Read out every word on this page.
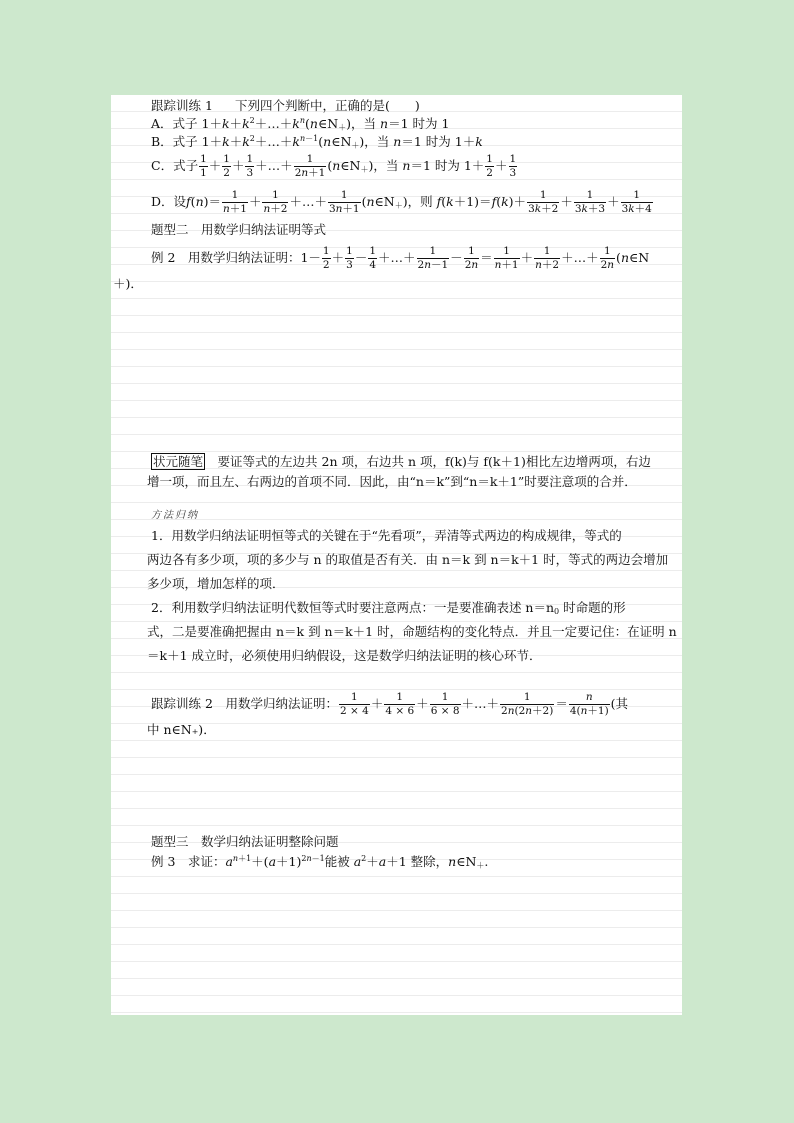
跟踪训练 1 下列四个判断中，正确的是(　　)
A．式子 $1+k+k^2+\dots+k^n(n\in N_+)$，当 n＝1 时为 1
B．式子 $1+k+k^2+\dots+k^{n-1}(n\in N_+)$，当 n＝1 时为 1＋k
C．式子 $\frac{1}{1} + \frac{1}{2} + \frac{1}{3}$ ＋…＋ $\frac{1}{2n+1}$ $(n\in N_+)$，当 n＝1 时为 $1+ \frac{1}{2} + \frac{1}{3}$
D．设$f(n)= \frac{1}{n+1} + \frac{1}{n+2}$ ＋…＋ $\frac{1}{3n+1}$ $(n\in N_+)$，则 $f(k+1)=f(k)+ \frac{1}{3k+2} + \frac{1}{3k+3} + \frac{1}{3k+4}$
题型二　用数学归纳法证明等式
例 2　 用数学归纳法证明：$1- \frac{1}{2} + \frac{1}{3} - \frac{1}{4}$ ＋…＋ $\frac{1}{2n-1} - \frac{1}{2n} = \frac{1}{n+1} + \frac{1}{n+2}$ ＋…＋ $\frac{1}{2n}$ (n∈N
＋)．
状元随笔　 要证等式的左边共 2n 项，右边共 n 项，f(k)与 f(k＋1)相比左边增两项，右边
增一项，而且左、右两边的首项不同．因此，由“n＝k”到“n＝k＋1”时要注意项的合并．
方法归纳
1．用数学归纳法证明恒等式的关键在于“先看项”，弄清等式两边的构成规律，等式的
两边各有多少项，项的多少与 n 的取值是否有关．由 n＝k 到 n＝k＋1 时，等式的两边会增加
多少项，增加怎样的项．
2．利用数学归纳法证明代数恒等式时要注意两点：一是要准确表述 $n=n_0$ 时命题的形
式，二是要准确把握由 n＝k 到 n＝k＋1 时，命题结构的变化特点．并且一定要记住：在证明 n
＝k＋1 成立时，必须使用归纳假设，这是数学归纳法证明的核心环节．
跟踪训练 2　 用数学归纳法证明： $\frac{1}{2 \times 4} + \frac{1}{4 \times 6} + \frac{1}{6 \times 8}$ ＋…＋ $\frac{1}{2n(2n+2)} = \frac{n}{4(n+1)}$ (其
中 n∈N₊)．
题型三　数学归纳法证明整除问题
例 3　 求证：$a^{n+1}+(a+1)^{2n-1}$能被 $a^2+a+1$ 整除，$n\in N_+$.
